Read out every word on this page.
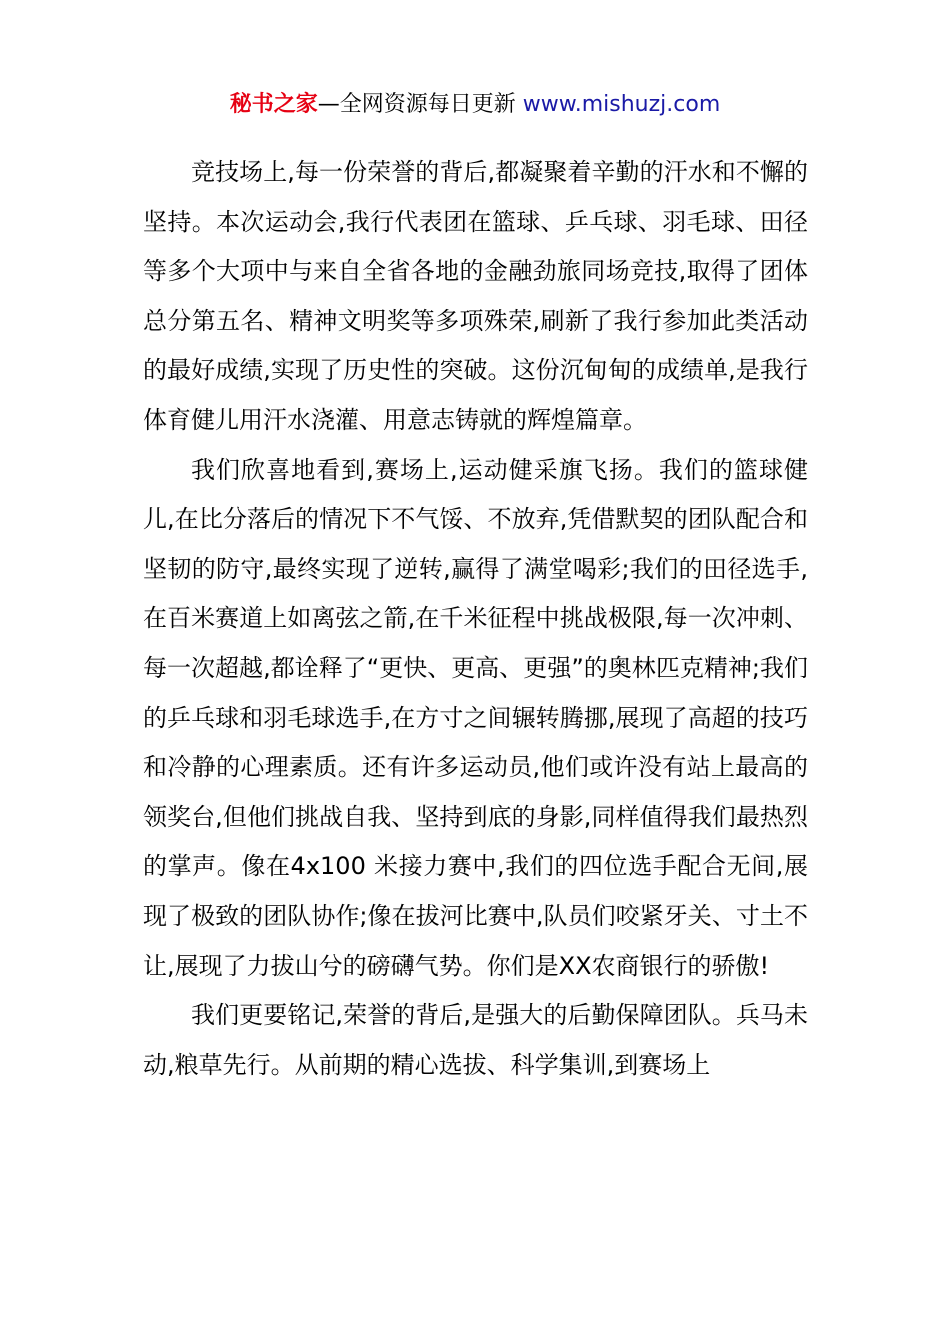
秘书之家—全网资源每日更新 www.mishuzj.com

竞技场上,每一份荣誉的背后,都凝聚着辛勤的汗水和不懈的坚持。本次运动会,我行代表团在篮球、乒乓球、羽毛球、田径等多个大项中与来自全省各地的金融劲旅同场竞技,取得了团体总分第五名、精神文明奖等多项殊荣,刷新了我行参加此类活动的最好成绩,实现了历史性的突破。这份沉甸甸的成绩单,是我行体育健儿用汗水浇灌、用意志铸就的辉煌篇章。

我们欣喜地看到,赛场上,运动健采旗飞扬。我们的篮球健儿,在比分落后的情况下不气馁、不放弃,凭借默契的团队配合和坚韧的防守,最终实现了逆转,赢得了满堂喝彩;我们的田径选手,在百米赛道上如离弦之箭,在千米征程中挑战极限,每一次冲刺、每一次超越,都诠释了“更快、更高、更强”的奥林匹克精神;我们的乒乓球和羽毛球选手,在方寸之间辗转腾挪,展现了高超的技巧和冷静的心理素质。还有许多运动员,他们或许没有站上最高的领奖台,但他们挑战自我、坚持到底的身影,同样值得我们最热烈的掌声。像在4x100 米接力赛中,我们的四位选手配合无间,展现了极致的团队协作;像在拔河比赛中,队员们咬紧牙关、寸土不让,展现了力拔山兮的磅礴气势。你们是XX农商银行的骄傲!

我们更要铭记,荣誉的背后,是强大的后勤保障团队。兵马未动,粮草先行。从前期的精心选拔、科学集训,到赛场上
